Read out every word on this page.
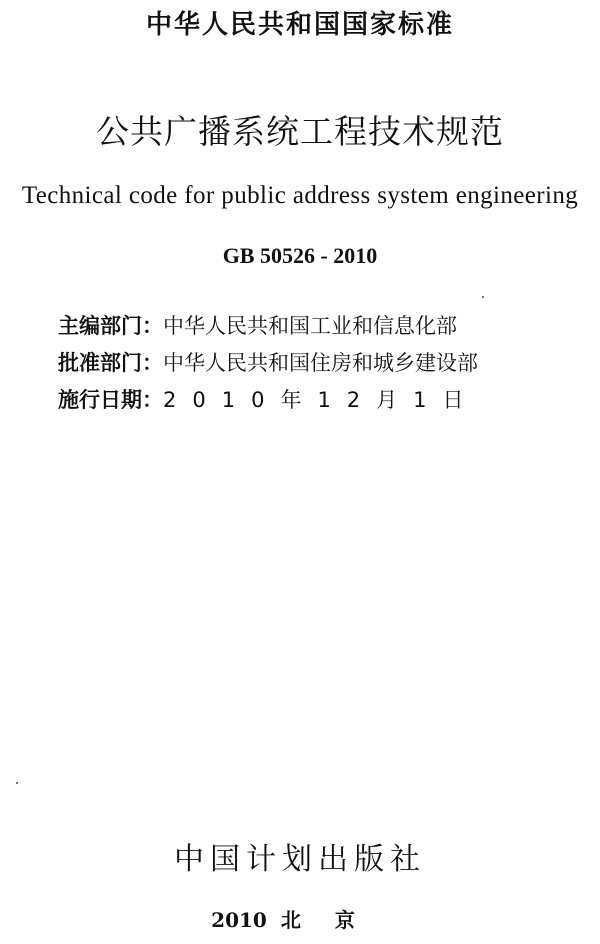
中华人民共和国国家标准
公共广播系统工程技术规范
Technical code for public address system engineering
GB 50526 - 2010
主编部门：中华人民共和国工业和信息化部
批准部门：中华人民共和国住房和城乡建设部
施行日期：2010年12月1日
中国计划出版社
2010 北京
